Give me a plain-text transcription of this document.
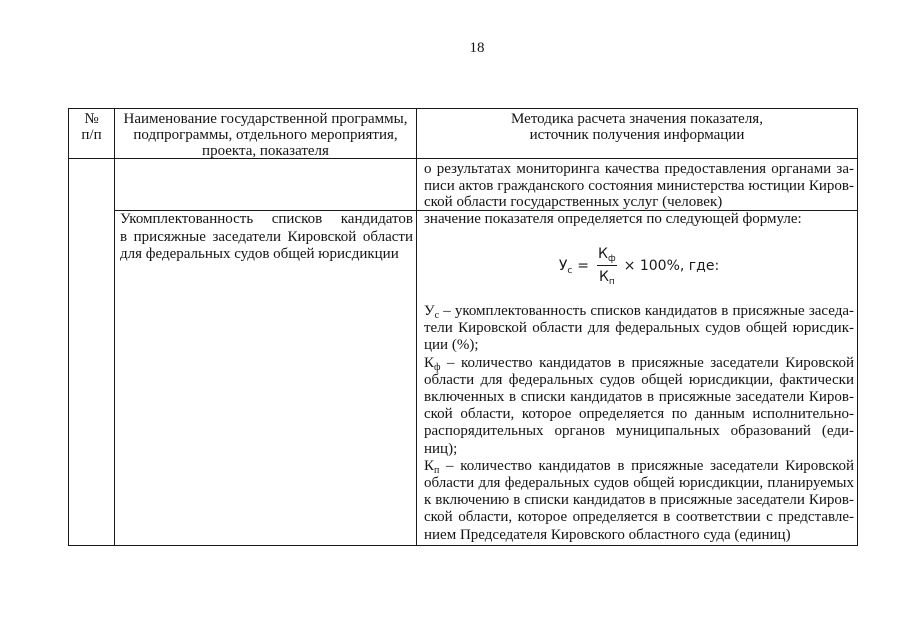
18
№
п/п
Наименование государственной программы,
подпрограммы, отдельного мероприятия,
проекта, показателя
Методика расчета значения показателя,
источник получения информации
о результатах мониторинга качества предоставления органами за-
писи актов гражданского состояния министерства юстиции Киров-
ской области государственных услуг (человек)
Укомплектованность списков кандидатов
в присяжные заседатели Кировской области
для федеральных судов общей юрисдикции
значение показателя определяется по следующей формуле:
$У_с = \frac{К_ф}{К_п} \times 100\%$, где:
$У_с$ – укомплектованность списков кандидатов в присяжные заседа-
тели Кировской области для федеральных судов общей юрисдик-
ции (%);
$К_ф$ – количество кандидатов в присяжные заседатели Кировской
области для федеральных судов общей юрисдикции, фактически
включенных в списки кандидатов в присяжные заседатели Киров-
ской области, которое определяется по данным исполнительно-
распорядительных органов муниципальных образований (еди-
ниц);
$К_п$ – количество кандидатов в присяжные заседатели Кировской
области для федеральных судов общей юрисдикции, планируемых
к включению в списки кандидатов в присяжные заседатели Киров-
ской области, которое определяется в соответствии с представле-
нием Председателя Кировского областного суда (единиц)
